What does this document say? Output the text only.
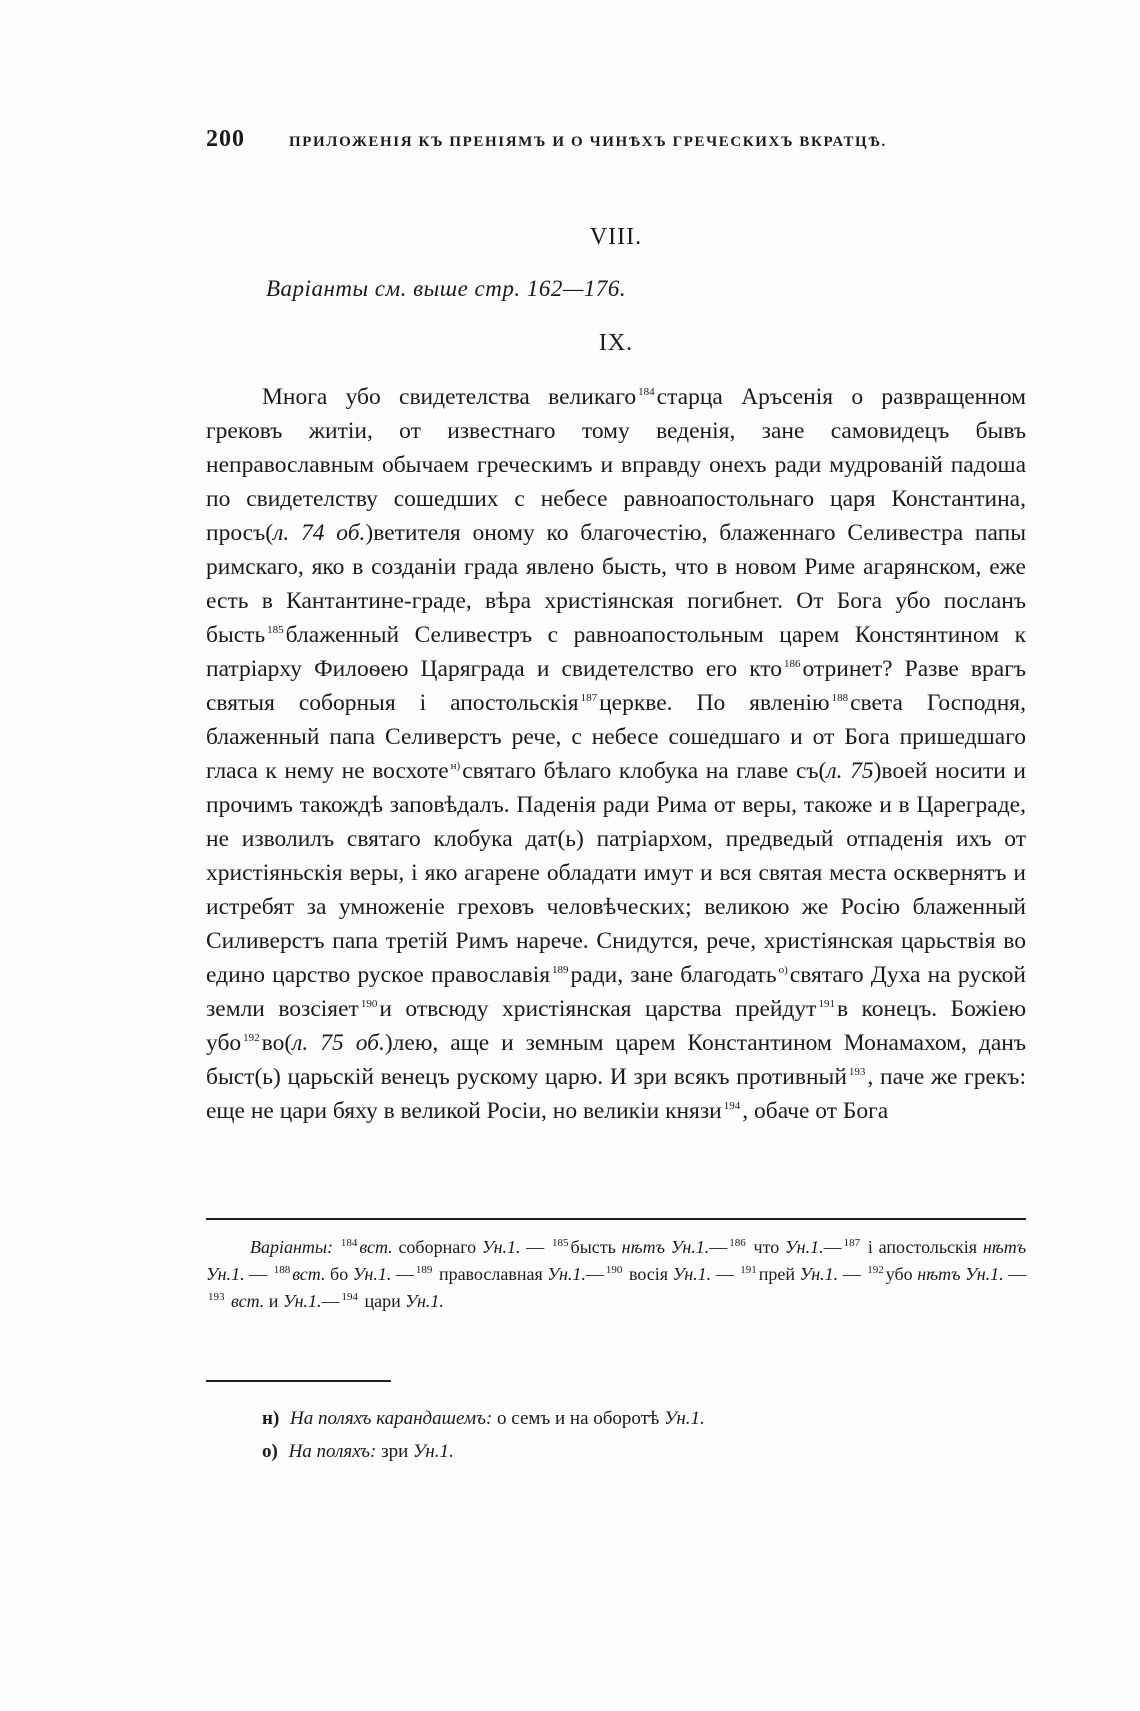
200	ПРИЛОЖЕНІЯ КЪ ПРЕНІЯМЪ И О ЧИНѢХЪ ГРЕЧЕСКИХЪ ВКРАТЦѢ.
VIII.
Варіанты см. выше стр. 162—176.
IX.

Многа убо свидетелства великаго $^{184}$старца Аръсенія о развращенном грековъ житіи, от известнаго тому веденія, зане самовидецъ бывъ неправославным обычаем греческимъ и вправду онехъ ради мудрованій падоша по свидетелству сошедших с небесе равноапостольнаго царя Константина, просъ(л. 74 об.)ветителя оному ко благочестію, блаженнаго Селивестра папы римскаго, яко в созданіи града явлено бысть, что в новом Риме агарянском, еже есть в Кантантине-граде, вѣра христіянская погибнет. От Бога убо посланъ бысть $^{185}$блаженный Селивестръ с равноапостольным царем Констянтином к патріарху Филоѳею Царяграда и свидетелство его кто $^{186}$отринет? Разве врагъ святыя соборныя і апостольскія $^{187}$церкве. По явленію $^{188}$света Господня, блаженный папа Селиверстъ рече, с небесе сошедшаго и от Бога пришедшаго гласа к нему не восхоте $^{н)}$святаго бѣлаго клобука на главе съ(л. 75)воей носити и прочимъ такождѣ заповѣдалъ. Паденія ради Рима от веры, такоже и в Цареграде, не изволилъ святаго клобука дат(ь) патріархом, предведый отпаденія ихъ от христіяньскія веры, і яко агарене обладати имут и вся святая места осквернятъ и истребят за умноженіе греховъ человѣческих; великою же Росію блаженный Силиверстъ папа третій Римъ нарече. Снидутся, рече, христіянская царьствія во едино царство руское православія $^{189}$ради, зане благодать $^{о)}$святаго Духа на руской земли возсіяет $^{190}$и отвсюду христіянская царства прейдут $^{191}$в конецъ. Божіею убо $^{192}$во(л. 75 об.)лею, аще и земным царем Константином Монамахом, данъ быст(ь) царьскій венецъ рускому царю. И зри всякъ противный $^{193}$, паче же грекъ: еще не цари бяху в великой Росіи, но великіи князи $^{194}$, обаче от Бога

Варіанты: $^{184}$ вст. соборнаго Ун.1. — $^{185}$ бысть нѣтъ Ун.1.— $^{186}$ что Ун.1.— $^{187}$ і апостольскія нѣтъ Ун.1. — $^{188}$ вст. бо Ун.1. — $^{189}$ православная Ун.1.— $^{190}$ восія Ун.1. — $^{191}$ прей Ун.1. — $^{192}$ убо нѣтъ Ун.1. —$^{193}$ вст. и Ун.1.— $^{194}$ цари Ун.1.

н) На поляхъ карандашемъ: о семъ и на оборотѣ Ун.1.
о) На поляхъ: зри Ун.1.
